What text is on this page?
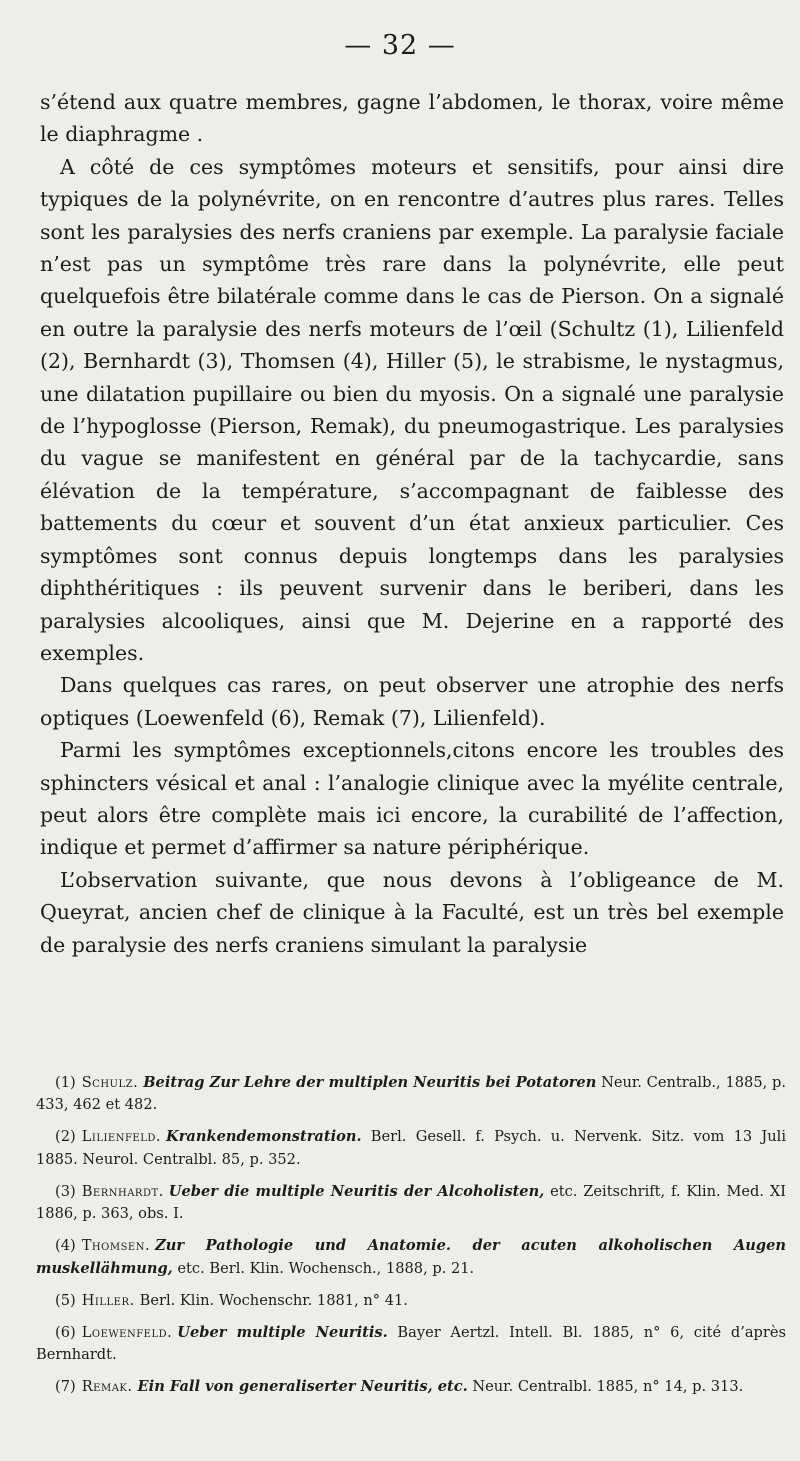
— 32 —

s’étend aux quatre membres, gagne l’abdomen, le thorax, voire même le diaphragme .

A côté de ces symptômes moteurs et sensitifs, pour ainsi dire typiques de la polynévrite, on en rencontre d’autres plus rares. Telles sont les paralysies des nerfs craniens par exemple. La paralysie faciale n’est pas un symptôme très rare dans la polynévrite, elle peut quelquefois être bilatérale comme dans le cas de Pierson. On a signalé en outre la paralysie des nerfs moteurs de l’œil (Schultz (1), Lilienfeld (2), Bernhardt (3), Thomsen (4), Hiller (5), le strabisme, le nystagmus, une dilatation pupillaire ou bien du myosis. On a signalé une paralysie de l’hypoglosse (Pierson, Remak), du pneumogastrique. Les paralysies du vague se manifestent en général par de la tachycardie, sans élévation de la température, s’accompagnant de faiblesse des battements du cœur et souvent d’un état anxieux particulier. Ces symptômes sont connus depuis longtemps dans les paralysies diphthéritiques : ils peuvent survenir dans le beriberi, dans les paralysies alcooliques, ainsi que M. Dejerine en a rapporté des exemples.

Dans quelques cas rares, on peut observer une atrophie des nerfs optiques (Loewenfeld (6), Remak (7), Lilienfeld).

Parmi les symptômes exceptionnels,citons encore les troubles des sphincters vésical et anal : l’analogie clinique avec la myélite centrale, peut alors être complète mais ici encore, la curabilité de l’affection, indique et permet d’affirmer sa nature périphérique.

L’observation suivante, que nous devons à l’obligeance de M. Queyrat, ancien chef de clinique à la Faculté, est un très bel exemple de paralysie des nerfs craniens simulant la paralysie

(1) Schulz. Beitrag Zur Lehre der multiplen Neuritis bei Potatoren Neur. Centralb., 1885, p. 433, 462 et 482.

(2) Lilienfeld. Krankendemonstration. Berl. Gesell. f. Psych. u. Nervenk. Sitz. vom 13 Juli 1885. Neurol. Centralbl. 85, p. 352.

(3) Bernhardt. Ueber die multiple Neuritis der Alcoholisten, etc. Zeitschrift, f. Klin. Med. XI 1886, p. 363, obs. I.

(4) Thomsen. Zur Pathologie und Anatomie. der acuten alkoholischen Augen muskellähmung, etc. Berl. Klin. Wochensch., 1888, p. 21.

(5) Hiller. Berl. Klin. Wochenschr. 1881, n° 41.

(6) Loewenfeld. Ueber multiple Neuritis. Bayer Aertzl. Intell. Bl. 1885, n° 6, cité d’après Bernhardt.

(7) Remak. Ein Fall von generaliserter Neuritis, etc. Neur. Centralbl. 1885, n° 14, p. 313.
